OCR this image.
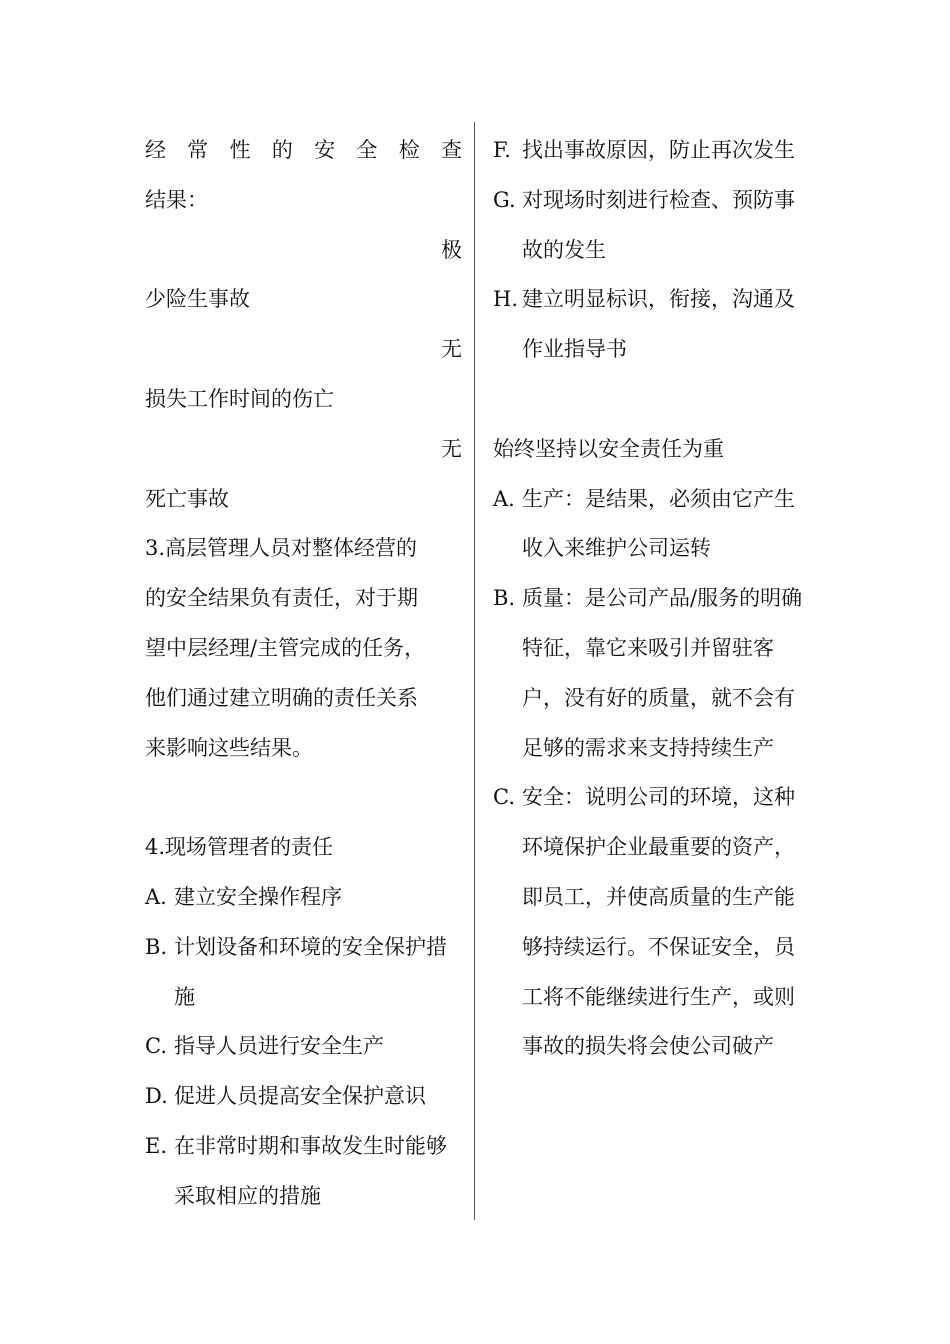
经 常 性 的 安 全 检 查
结果：
极
少险生事故
无
损失工作时间的伤亡
无
死亡事故
3.高层管理人员对整体经营的
的安全结果负有责任，对于期
望中层经理/主管完成的任务，
他们通过建立明确的责任关系
来影响这些结果。
4.现场管理者的责任
A. 建立安全操作程序
B. 计划设备和环境的安全保护措施
C. 指导人员进行安全生产
D. 促进人员提高安全保护意识
E. 在非常时期和事故发生时能够采取相应的措施
F. 找出事故原因，防止再次发生
G. 对现场时刻进行检查、预防事故的发生
H. 建立明显标识，衔接，沟通及作业指导书
始终坚持以安全责任为重
A. 生产：是结果，必须由它产生收入来维护公司运转
B. 质量：是公司产品/服务的明确特征，靠它来吸引并留驻客户，没有好的质量，就不会有足够的需求来支持持续生产
C. 安全：说明公司的环境，这种环境保护企业最重要的资产，即员工，并使高质量的生产能够持续运行。不保证安全，员工将不能继续进行生产，或则事故的损失将会使公司破产
